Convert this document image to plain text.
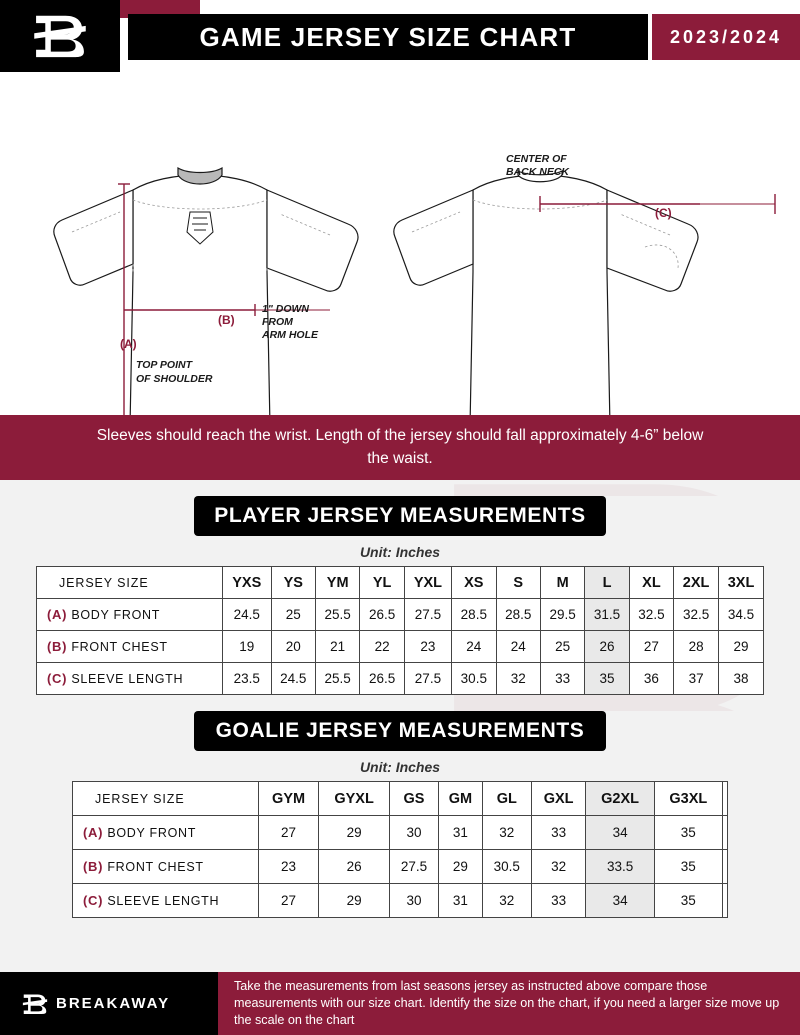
GAME JERSEY SIZE CHART	2023/2024
(A)
(B)
TOP POINT
OF SHOULDER
1" DOWN
FROM
ARM HOLE
(C)
CENTER OF
BACK NECK

Sleeves should reach the wrist. Length of the jersey should fall approximately 4-6” below the waist.

PLAYER JERSEY MEASUREMENTS
Unit: Inches
JERSEY SIZE	YXS	YS	YM	YL	YXL	XS	S	M	L	XL	2XL	3XL
(A) BODY FRONT	24.5	25	25.5	26.5	27.5	28.5	28.5	29.5	31.5	32.5	32.5	34.5
(B) FRONT CHEST	19	20	21	22	23	24	24	25	26	27	28	29
(C) SLEEVE LENGTH	23.5	24.5	25.5	26.5	27.5	30.5	32	33	35	36	37	38
GOALIE JERSEY MEASUREMENTS
Unit: Inches
JERSEY SIZE	GYM	GYXL	GS	GM	GL	GXL	G2XL	G3XL	
(A) BODY FRONT	27	29	30	31	32	33	34	35	
(B) FRONT CHEST	23	26	27.5	29	30.5	32	33.5	35	
(C) SLEEVE LENGTH	27	29	30	31	32	33	34	35	
BREAKAWAY

Take the measurements from last seasons jersey as instructed above compare those measurements with our size chart. Identify the size on the chart, if you need a larger size move up the scale on the chart
